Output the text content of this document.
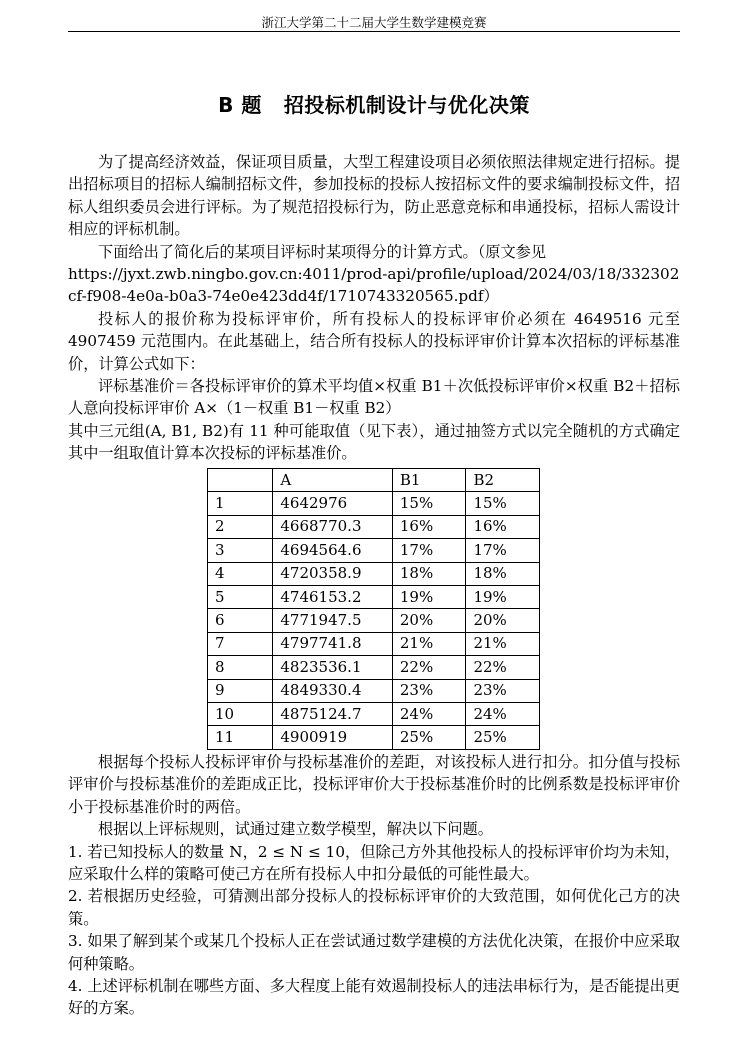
浙江大学第二十二届大学生数学建模竞赛
B 题 招投标机制设计与优化决策

为了提高经济效益，保证项目质量，大型工程建设项目必须依照法律规定进行招标。提出招标项目的招标人编制招标文件，参加投标的投标人按招标文件的要求编制投标文件，招标人组织委员会进行评标。为了规范招投标行为，防止恶意竞标和串通投标，招标人需设计相应的评标机制。

下面给出了简化后的某项目评标时某项得分的计算方式。（原文参见
https://jyxt.zwb.ningbo.gov.cn:4011/prod-api/profile/upload/2024/03/18/332302cf-f908-4e0a-b0a3-74e0e423dd4f/1710743320565.pdf）

投标人的报价称为投标评审价，所有投标人的投标评审价必须在 4649516 元至 4907459 元范围内。在此基础上，结合所有投标人的投标评审价计算本次招标的评标基准价，计算公式如下：

评标基准价＝各投标评审价的算术平均值×权重 B1＋次低投标评审价×权重 B2＋招标人意向投标评审价 A×（1－权重 B1－权重 B2）

其中三元组(A, B1, B2)有 11 种可能取值（见下表），通过抽签方式以完全随机的方式确定其中一组取值计算本次投标的评标基准价。

	A	B1	B2
1	4642976	15%	15%
2	4668770.3	16%	16%
3	4694564.6	17%	17%
4	4720358.9	18%	18%
5	4746153.2	19%	19%
6	4771947.5	20%	20%
7	4797741.8	21%	21%
8	4823536.1	22%	22%
9	4849330.4	23%	23%
10	4875124.7	24%	24%
11	4900919	25%	25%

根据每个投标人投标评审价与投标基准价的差距，对该投标人进行扣分。扣分值与投标评审价与投标基准价的差距成正比，投标评审价大于投标基准价时的比例系数是投标评审价小于投标基准价时的两倍。

根据以上评标规则，试通过建立数学模型，解决以下问题。

1. 若已知投标人的数量 N，2 ≤ N ≤ 10，但除己方外其他投标人的投标评审价均为未知，应采取什么样的策略可使己方在所有投标人中扣分最低的可能性最大。

2. 若根据历史经验，可猜测出部分投标人的投标标评审价的大致范围，如何优化己方的决策。

3. 如果了解到某个或某几个投标人正在尝试通过数学建模的方法优化决策，在报价中应采取何种策略。

4. 上述评标机制在哪些方面、多大程度上能有效遏制投标人的违法串标行为，是否能提出更好的方案。
